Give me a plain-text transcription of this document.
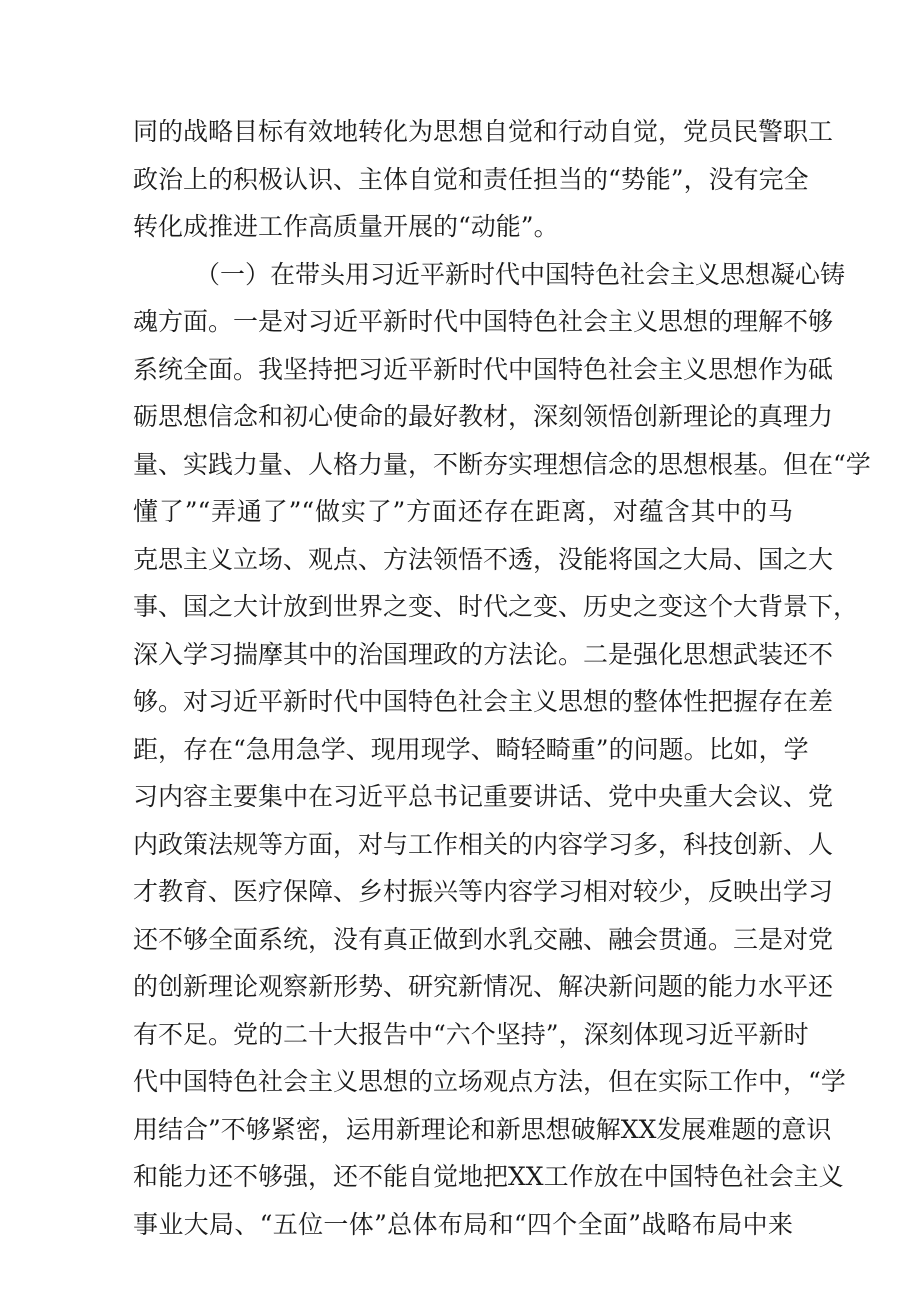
同的战略目标有效地转化为思想自觉和行动自觉，党员民警职工
政治上的积极认识、主体自觉和责任担当的“势能”，没有完全
转化成推进工作高质量开展的“动能”。
（一）在带头用习近平新时代中国特色社会主义思想凝心铸
魂方面。一是对习近平新时代中国特色社会主义思想的理解不够
系统全面。我坚持把习近平新时代中国特色社会主义思想作为砥
砺思想信念和初心使命的最好教材，深刻领悟创新理论的真理力
量、实践力量、人格力量，不断夯实理想信念的思想根基。但在“学
懂了”“弄通了”“做实了”方面还存在距离，对蕴含其中的马
克思主义立场、观点、方法领悟不透，没能将国之大局、国之大
事、国之大计放到世界之变、时代之变、历史之变这个大背景下，
深入学习揣摩其中的治国理政的方法论。二是强化思想武装还不
够。对习近平新时代中国特色社会主义思想的整体性把握存在差
距，存在“急用急学、现用现学、畸轻畸重”的问题。比如，学
习内容主要集中在习近平总书记重要讲话、党中央重大会议、党
内政策法规等方面，对与工作相关的内容学习多，科技创新、人
才教育、医疗保障、乡村振兴等内容学习相对较少，反映出学习
还不够全面系统，没有真正做到水乳交融、融会贯通。三是对党
的创新理论观察新形势、研究新情况、解决新问题的能力水平还
有不足。党的二十大报告中“六个坚持”，深刻体现习近平新时
代中国特色社会主义思想的立场观点方法，但在实际工作中，“学
用结合”不够紧密，运用新理论和新思想破解XX发展难题的意识
和能力还不够强，还不能自觉地把XX工作放在中国特色社会主义
事业大局、“五位一体”总体布局和“四个全面”战略布局中来
